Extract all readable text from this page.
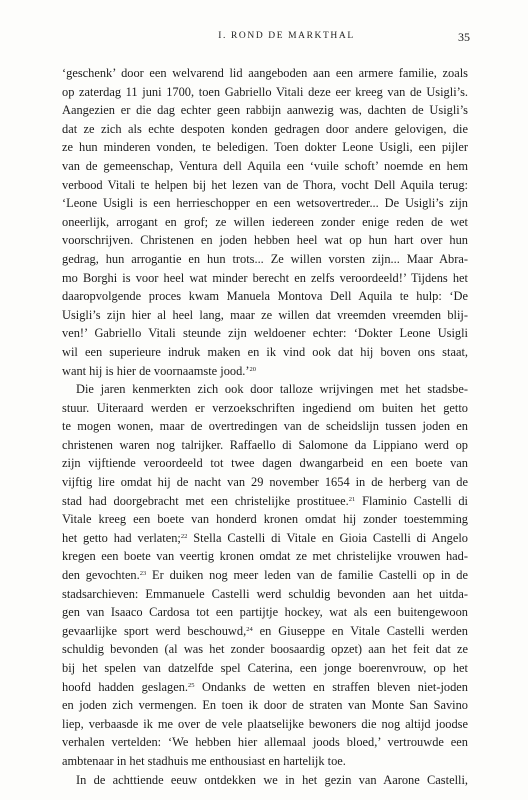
I. ROND DE MARKTHAL	35
‘geschenk’ door een welvarend lid aangeboden aan een armere familie, zoals
op zaterdag 11 juni 1700, toen Gabriello Vitali deze eer kreeg van de Usigli’s.
Aangezien er die dag echter geen rabbijn aanwezig was, dachten de Usigli’s
dat ze zich als echte despoten konden gedragen door andere gelovigen, die
ze hun minderen vonden, te beledigen. Toen dokter Leone Usigli, een pijler
van de gemeenschap, Ventura dell Aquila een ‘vuile schoft’ noemde en hem
verbood Vitali te helpen bij het lezen van de Thora, vocht Dell Aquila terug:
‘Leone Usigli is een herrieschopper en een wetsovertreder... De Usigli’s zijn
oneerlijk, arrogant en grof; ze willen iedereen zonder enige reden de wet
voorschrijven. Christenen en joden hebben heel wat op hun hart over hun
gedrag, hun arrogantie en hun trots... Ze willen vorsten zijn... Maar Abra-
mo Borghi is voor heel wat minder berecht en zelfs veroordeeld!’ Tijdens het
daaropvolgende proces kwam Manuela Montova Dell Aquila te hulp: ‘De
Usigli’s zijn hier al heel lang, maar ze willen dat vreemden vreemden blij-
ven!’ Gabriello Vitali steunde zijn weldoener echter: ‘Dokter Leone Usigli
wil een superieure indruk maken en ik vind ook dat hij boven ons staat,
want hij is hier de voornaamste jood.’$^{20}$
Die jaren kenmerkten zich ook door talloze wrijvingen met het stadsbe-
stuur. Uiteraard werden er verzoekschriften ingediend om buiten het getto
te mogen wonen, maar de overtredingen van de scheidslijn tussen joden en
christenen waren nog talrijker. Raffaello di Salomone da Lippiano werd op
zijn vijftiende veroordeeld tot twee dagen dwangarbeid en een boete van
vijftig lire omdat hij de nacht van 29 november 1654 in de herberg van de
stad had doorgebracht met een christelijke prostituee.$^{21}$ Flaminio Castelli di
Vitale kreeg een boete van honderd kronen omdat hij zonder toestemming
het getto had verlaten;$^{22}$ Stella Castelli di Vitale en Gioia Castelli di Angelo
kregen een boete van veertig kronen omdat ze met christelijke vrouwen had-
den gevochten.$^{23}$ Er duiken nog meer leden van de familie Castelli op in de
stadsarchieven: Emmanuele Castelli werd schuldig bevonden aan het uitda-
gen van Isaaco Cardosa tot een partijtje hockey, wat als een buitengewoon
gevaarlijke sport werd beschouwd,$^{24}$ en Giuseppe en Vitale Castelli werden
schuldig bevonden (al was het zonder boosaardig opzet) aan het feit dat ze
bij het spelen van datzelfde spel Caterina, een jonge boerenvrouw, op het
hoofd hadden geslagen.$^{25}$ Ondanks de wetten en straffen bleven niet-joden
en joden zich vermengen. En toen ik door de straten van Monte San Savino
liep, verbaasde ik me over de vele plaatselijke bewoners die nog altijd joodse
verhalen vertelden: ‘We hebben hier allemaal joods bloed,’ vertrouwde een
ambtenaar in het stadhuis me enthousiast en hartelijk toe.
In de achttiende eeuw ontdekken we in het gezin van Aarone Castelli,
